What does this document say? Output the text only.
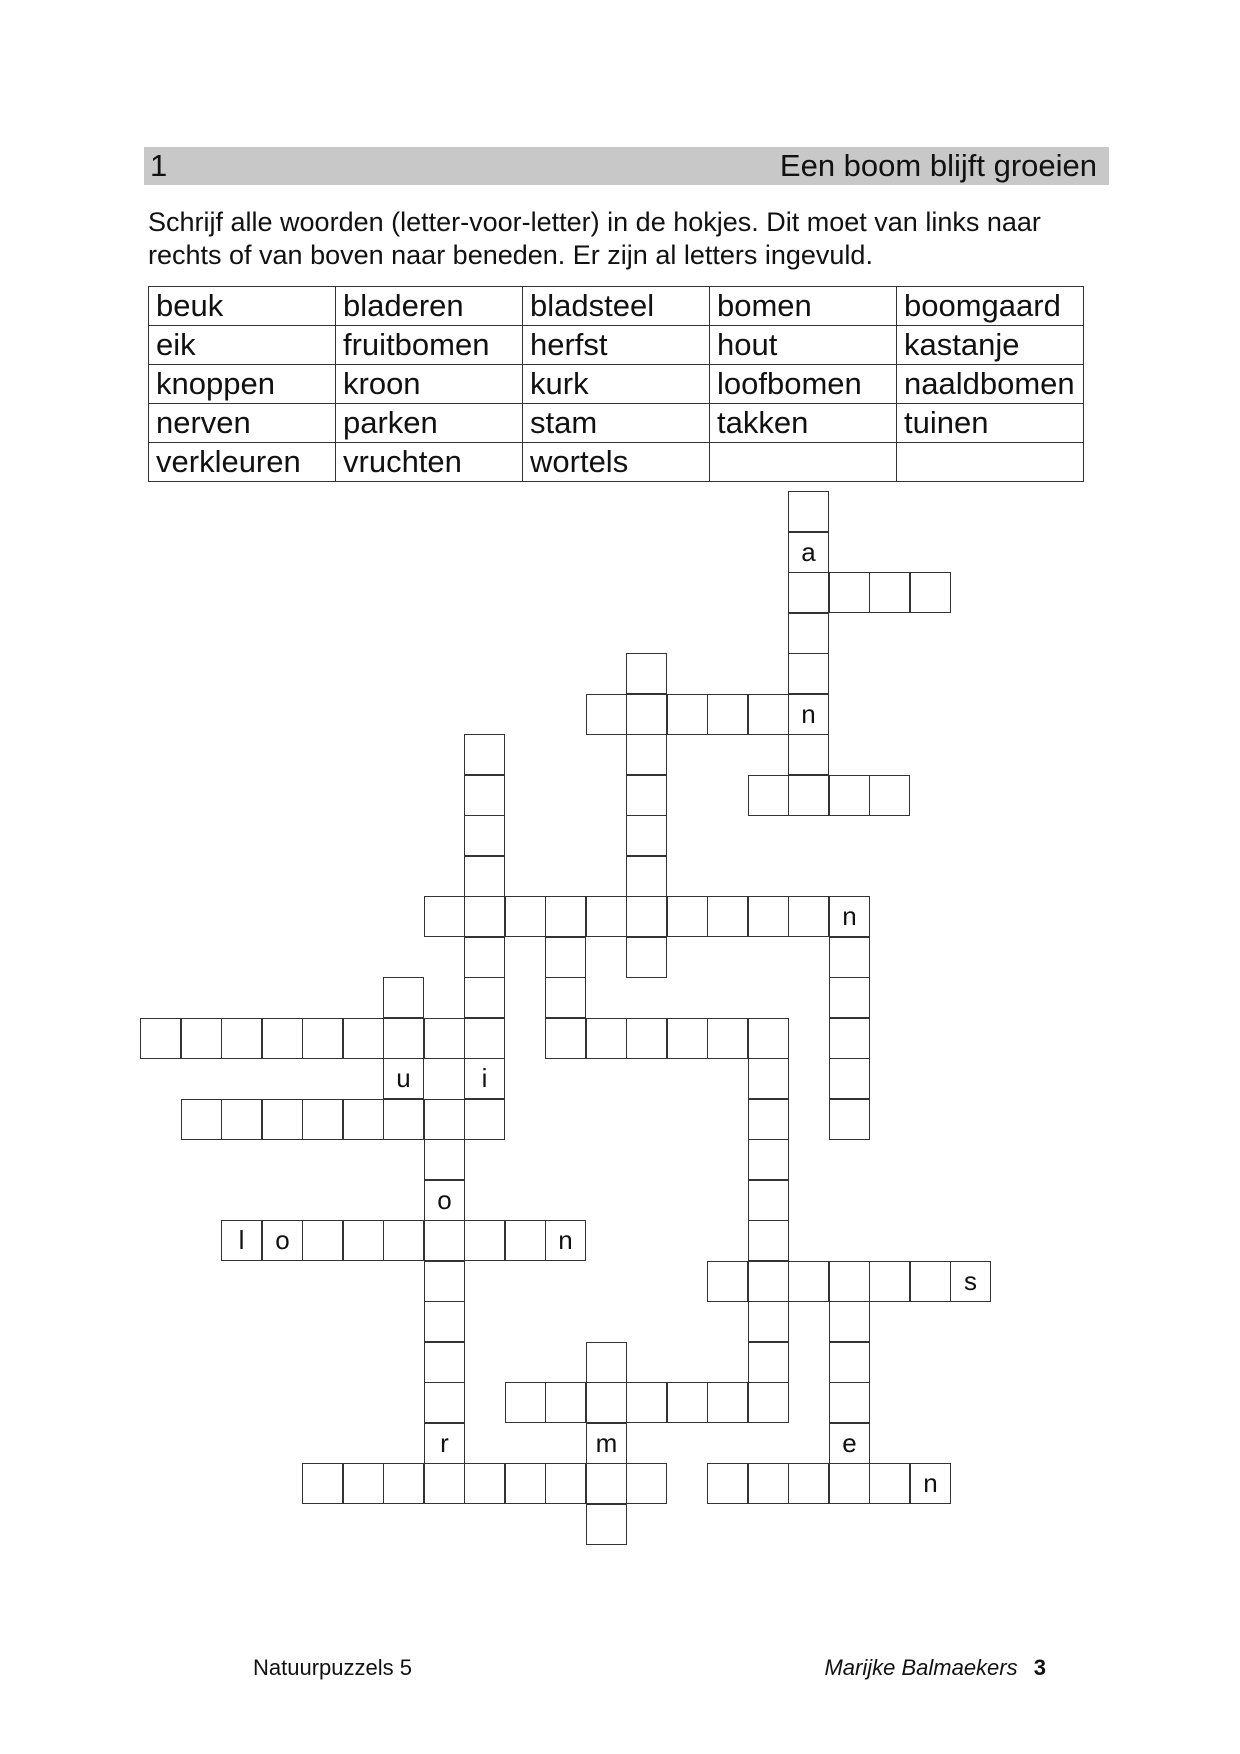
1	Een boom blijft groeien
Schrijf alle woorden (letter-voor-letter) in de hokjes. Dit moet van links naar rechts of van boven naar beneden. Er zijn al letters ingevuld.
beuk	bladeren	bladsteel	bomen	boomgaard
eik	fruitbomen	herfst	hout	kastanje
knoppen	kroon	kurk	loofbomen	naaldbomen
nerven	parken	stam	takken	tuinen
verkleuren	vruchten	wortels		
a
n
n
u	i
o
l	o	n
r
s
e
m
n
Natuurpuzzels 5	Marijke Balmaekers 3
